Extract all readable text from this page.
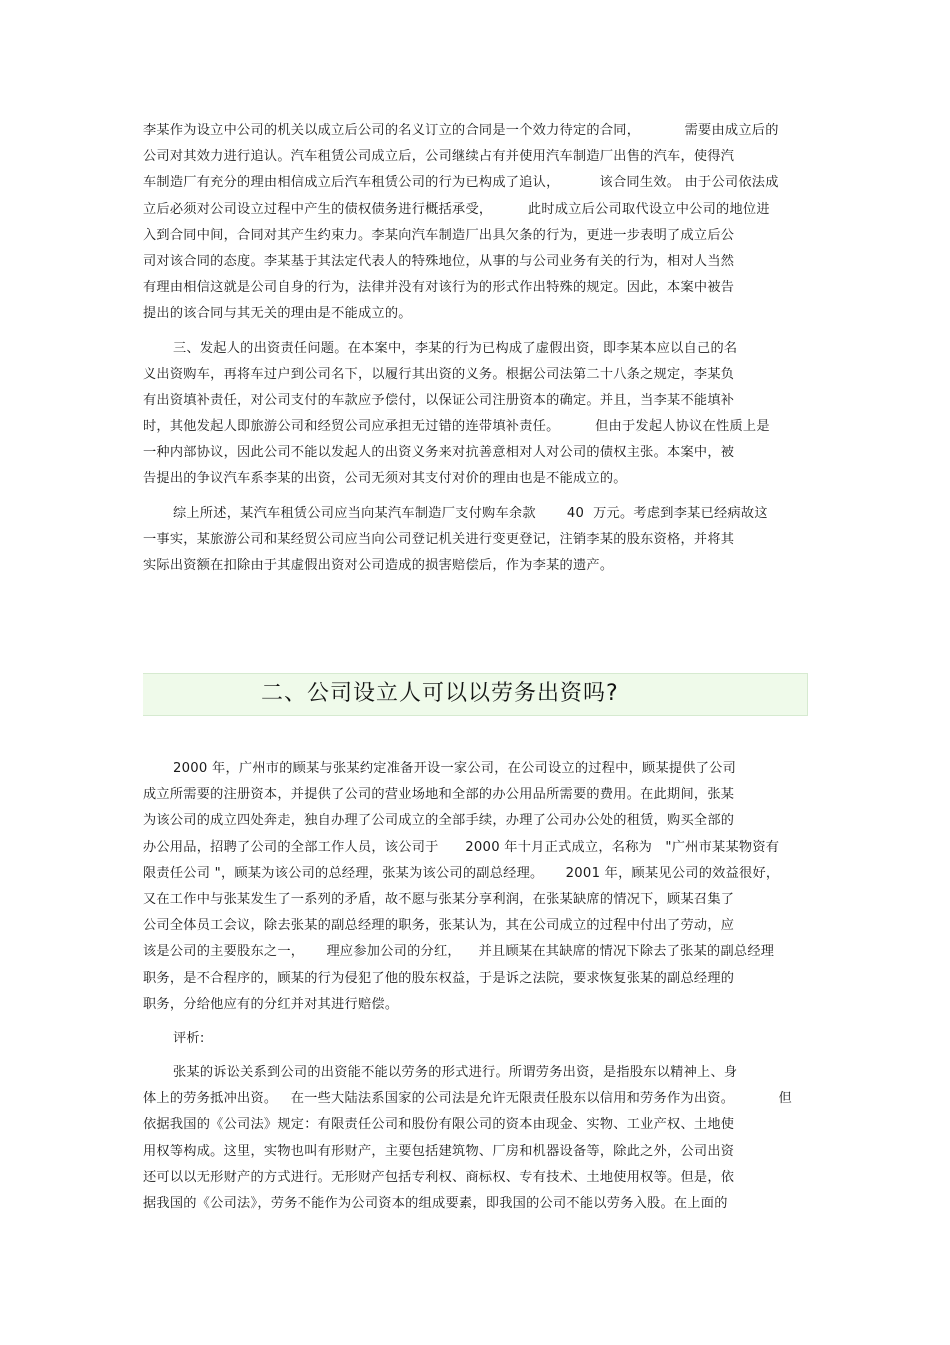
李某作为设立中公司的机关以成立后公司的名义订立的合同是一个效力待定的合同，          需要由成立后的
公司对其效力进行追认。汽车租赁公司成立后，公司继续占有并使用汽车制造厂出售的汽车，使得汽
车制造厂有充分的理由相信成立后汽车租赁公司的行为已构成了追认，         该合同生效。 由于公司依法成
立后必须对公司设立过程中产生的债权债务进行概括承受，        此时成立后公司取代设立中公司的地位进
入到合同中间，合同对其产生约束力。李某向汽车制造厂出具欠条的行为，更进一步表明了成立后公
司对该合同的态度。李某基于其法定代表人的特殊地位，从事的与公司业务有关的行为，相对人当然
有理由相信这就是公司自身的行为，法律并没有对该行为的形式作出特殊的规定。因此，本案中被告
提出的该合同与其无关的理由是不能成立的。
三、发起人的出资责任问题。在本案中，李某的行为已构成了虚假出资，即李某本应以自己的名
义出资购车，再将车过户到公司名下，以履行其出资的义务。根据公司法第二十八条之规定，李某负
有出资填补责任，对公司支付的车款应予偿付，以保证公司注册资本的确定。并且，当李某不能填补
时，其他发起人即旅游公司和经贸公司应承担无过错的连带填补责任。        但由于发起人协议在性质上是
一种内部协议，因此公司不能以发起人的出资义务来对抗善意相对人对公司的债权主张。本案中，被
告提出的争议汽车系李某的出资，公司无须对其支付对价的理由也是不能成立的。
综上所述，某汽车租赁公司应当向某汽车制造厂支付购车余款       40  万元。考虑到李某已经病故这
一事实，某旅游公司和某经贸公司应当向公司登记机关进行变更登记，注销李某的股东资格，并将其
实际出资额在扣除由于其虚假出资对公司造成的损害赔偿后，作为李某的遗产。
二、公司设立人可以以劳务出资吗?
2000 年，广州市的顾某与张某约定准备开设一家公司，在公司设立的过程中，顾某提供了公司
成立所需要的注册资本，并提供了公司的营业场地和全部的办公用品所需要的费用。在此期间，张某
为该公司的成立四处奔走，独自办理了公司成立的全部手续，办理了公司办公处的租赁，购买全部的
办公用品，招聘了公司的全部工作人员，该公司于      2000 年十月正式成立，名称为   "广州市某某物资有
限责任公司 "，顾某为该公司的总经理，张某为该公司的副总经理。     2001 年，顾某见公司的效益很好，
又在工作中与张某发生了一系列的矛盾，故不愿与张某分享利润，在张某缺席的情况下，顾某召集了
公司全体员工会议，除去张某的副总经理的职务，张某认为，其在公司成立的过程中付出了劳动，应
该是公司的主要股东之一，     理应参加公司的分红，    并且顾某在其缺席的情况下除去了张某的副总经理
职务，是不合程序的，顾某的行为侵犯了他的股东权益，于是诉之法院，要求恢复张某的副总经理的
职务，分给他应有的分红并对其进行赔偿。
评析:
张某的诉讼关系到公司的出资能不能以劳务的形式进行。所谓劳务出资，是指股东以精神上、身
体上的劳务抵冲出资。   在一些大陆法系国家的公司法是允许无限责任股东以信用和劳务作为出资。          但
依据我国的《公司法》规定：有限责任公司和股份有限公司的资本由现金、实物、工业产权、土地使
用权等构成。这里，实物也叫有形财产，主要包括建筑物、厂房和机器设备等，除此之外，公司出资
还可以以无形财产的方式进行。无形财产包括专利权、商标权、专有技术、土地使用权等。但是，依
据我国的《公司法》，劳务不能作为公司资本的组成要素，即我国的公司不能以劳务入股。在上面的
